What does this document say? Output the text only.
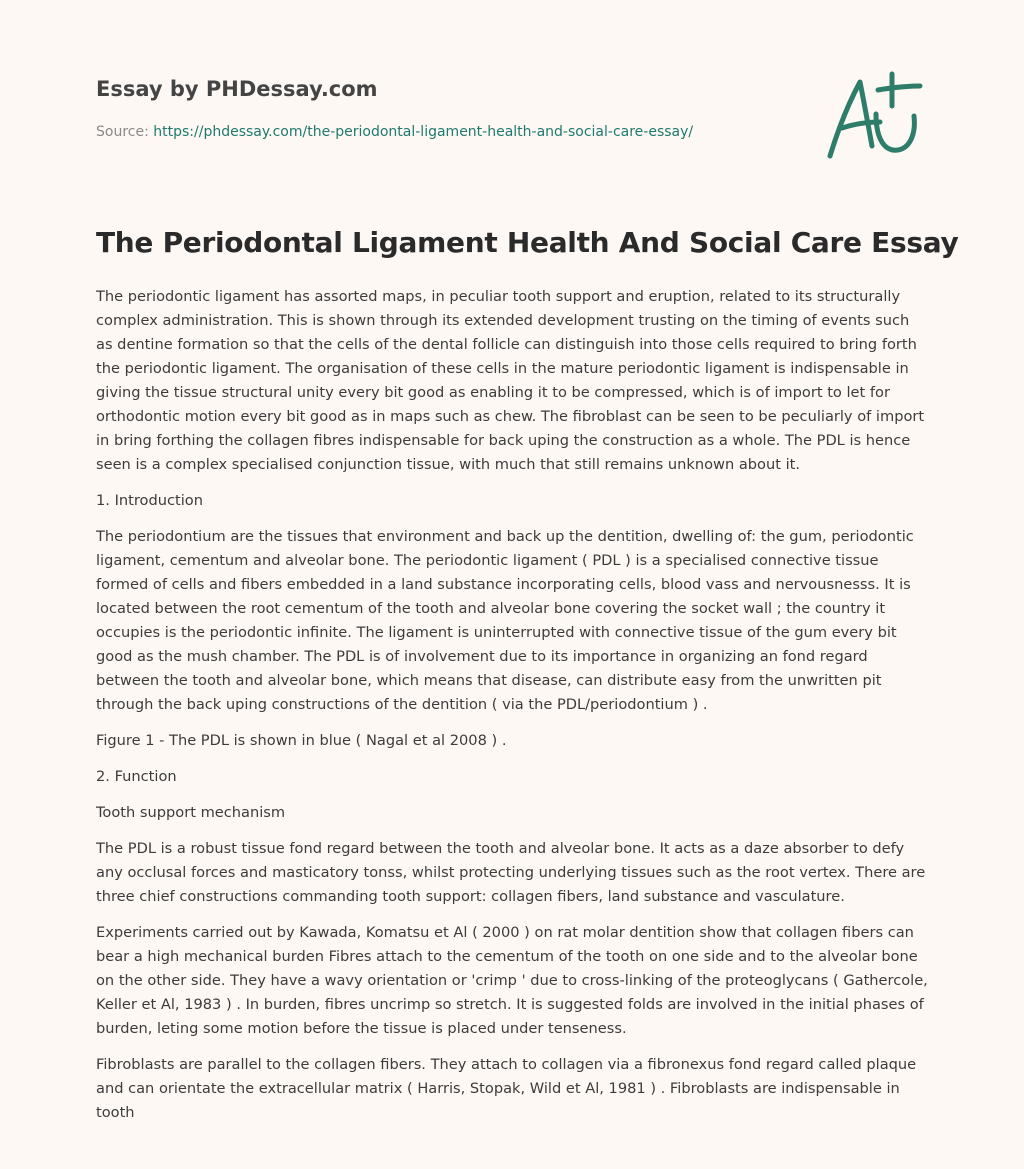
Essay by PHDessay.com
Source: https://phdessay.com/the-periodontal-ligament-health-and-social-care-essay/
The Periodontal Ligament Health And Social Care Essay

The periodontic ligament has assorted maps, in peculiar tooth support and eruption, related to its structurally complex administration. This is shown through its extended development trusting on the timing of events such as dentine formation so that the cells of the dental follicle can distinguish into those cells required to bring forth the periodontic ligament. The organisation of these cells in the mature periodontic ligament is indispensable in giving the tissue structural unity every bit good as enabling it to be compressed, which is of import to let for orthodontic motion every bit good as in maps such as chew. The fibroblast can be seen to be peculiarly of import in bring forthing the collagen fibres indispensable for back uping the construction as a whole. The PDL is hence seen is a complex specialised conjunction tissue, with much that still remains unknown about it.

1. Introduction

The periodontium are the tissues that environment and back up the dentition, dwelling of: the gum, periodontic ligament, cementum and alveolar bone. The periodontic ligament ( PDL ) is a specialised connective tissue formed of cells and fibers embedded in a land substance incorporating cells, blood vass and nervousnesss. It is located between the root cementum of the tooth and alveolar bone covering the socket wall ; the country it occupies is the periodontic infinite. The ligament is uninterrupted with connective tissue of the gum every bit good as the mush chamber. The PDL is of involvement due to its importance in organizing an fond regard between the tooth and alveolar bone, which means that disease, can distribute easy from the unwritten pit through the back uping constructions of the dentition ( via the PDL/periodontium ) .

Figure 1 - The PDL is shown in blue ( Nagal et al 2008 ) .

2. Function

Tooth support mechanism

The PDL is a robust tissue fond regard between the tooth and alveolar bone. It acts as a daze absorber to defy any occlusal forces and masticatory tonss, whilst protecting underlying tissues such as the root vertex. There are three chief constructions commanding tooth support: collagen fibers, land substance and vasculature.

Experiments carried out by Kawada, Komatsu et Al ( 2000 ) on rat molar dentition show that collagen fibers can bear a high mechanical burden Fibres attach to the cementum of the tooth on one side and to the alveolar bone on the other side. They have a wavy orientation or 'crimp ' due to cross-linking of the proteoglycans ( Gathercole, Keller et Al, 1983 ) . In burden, fibres uncrimp so stretch. It is suggested folds are involved in the initial phases of burden, leting some motion before the tissue is placed under tenseness.

Fibroblasts are parallel to the collagen fibers. They attach to collagen via a fibronexus fond regard called plaque and can orientate the extracellular matrix ( Harris, Stopak, Wild et Al, 1981 ) . Fibroblasts are indispensable in tooth
